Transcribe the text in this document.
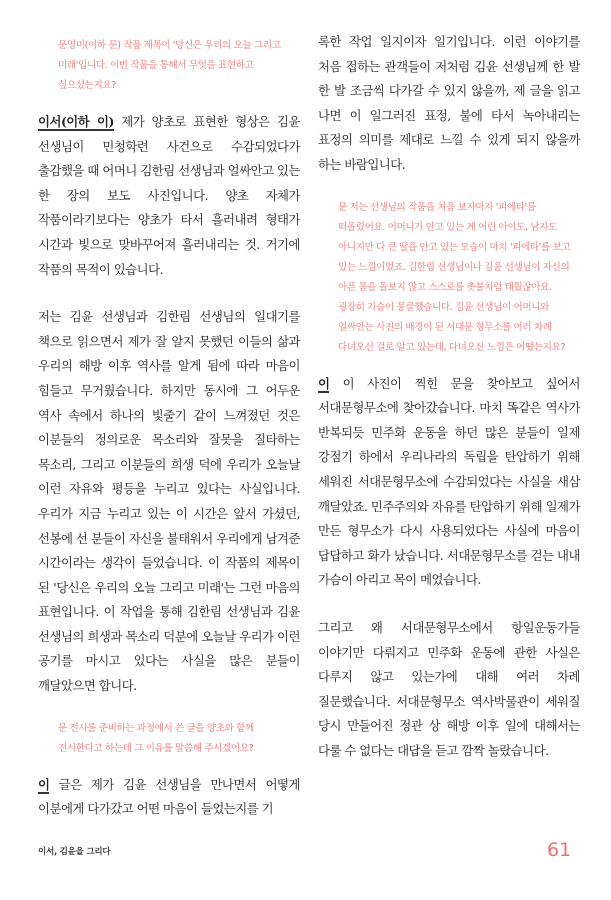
문영미(이하 문) 작품 제목이 '당신은 우리의 오늘 그리고 미래'입니다. 이번 작품을 통해서 무엇을 표현하고 싶으셨는지요?

이서(이하 이) 제가 양초로 표현한 형상은 김윤 선생님이 민청학련 사건으로 수감되었다가 출감했을 때 어머니 김한림 선생님과 얼싸안고 있는 한 장의 보도 사진입니다. 양초 자체가 작품이라기보다는 양초가 타서 흘러내려 형태가 시간과 빛으로 맞바꾸어져 흘러내리는 것. 거기에 작품의 목적이 있습니다.

저는 김윤 선생님과 김한림 선생님의 일대기를 책으로 읽으면서 제가 잘 알지 못했던 이들의 삶과 우리의 해방 이후 역사를 알게 됨에 따라 마음이 힘들고 무거웠습니다. 하지만 동시에 그 어두운 역사 속에서 하나의 빛줄기 같이 느껴졌던 것은 이분들의 정의로운 목소리와 잘못을 질타하는 목소리, 그리고 이분들의 희생 덕에 우리가 오늘날 이런 자유와 평등을 누리고 있다는 사실입니다. 우리가 지금 누리고 있는 이 시간은 앞서 가셨던, 선봉에 선 분들이 자신을 불태워서 우리에게 남겨준 시간이라는 생각이 들었습니다. 이 작품의 제목이 된 '당신은 우리의 오늘 그리고 미래'는 그런 마음의 표현입니다. 이 작업을 통해 김한림 선생님과 김윤 선생님의 희생과 목소리 덕분에 오늘날 우리가 이런 공기를 마시고 있다는 사실을 많은 분들이 깨달았으면 합니다.

문 전시를 준비하는 과정에서 쓴 글을 양초와 함께 전시한다고 하는데 그 이유를 말씀해 주시겠어요?

이 글은 제가 김윤 선생님을 만나면서 어떻게 이분에게 다가갔고 어떤 마음이 들었는지를 기

록한 작업 일지이자 일기입니다. 이런 이야기를 처음 접하는 관객들이 저처럼 김윤 선생님께 한 발 한 발 조금씩 다가갈 수 있지 않을까, 제 글을 읽고 나면 이 일그러진 표정, 불에 타서 녹아내리는 표정의 의미를 제대로 느낄 수 있게 되지 않을까 하는 바람입니다.

문 저는 선생님의 작품을 처음 보자마자 '피에타'를 떠올렸어요. 어머니가 안고 있는 게 어린 아이도, 남자도 아니지만 다 큰 딸을 안고 있는 모습이 마치 '피에타'를 보고 있는 느낌이었죠. 김한림 선생님이나 김윤 선생님이 자신의 아픈 몸을 돌보지 않고 스스로를 촛불처럼 태웠잖아요. 굉장히 가슴이 뭉클했습니다. 김윤 선생님이 어머니와 얼싸안는 사진의 배경이 된 서대문 형무소를 여러 차례 다녀오신 걸로 알고 있는데, 다녀오신 느낌은 어땠는지요?

이 이 사진이 찍힌 문을 찾아보고 싶어서 서대문형무소에 찾아갔습니다. 마치 똑같은 역사가 반복되듯 민주화 운동을 하던 많은 분들이 일제 강점기 하에서 우리나라의 독립을 탄압하기 위해 세워진 서대문형무소에 수감되었다는 사실을 새삼 깨달았죠. 민주주의와 자유를 탄압하기 위해 일제가 만든 형무소가 다시 사용되었다는 사실에 마음이 답답하고 화가 났습니다. 서대문형무소를 걷는 내내 가슴이 아리고 목이 메었습니다.

그리고 왜 서대문형무소에서 항일운동가들 이야기만 다뤄지고 민주화 운동에 관한 사실은 다루지 않고 있는가에 대해 여러 차례 질문했습니다. 서대문형무소 역사박물관이 세워질 당시 만들어진 정관 상 해방 이후 일에 대해서는 다룰 수 없다는 대답을 듣고 깜짝 놀랐습니다.

이서, 김윤을 그리다	61
